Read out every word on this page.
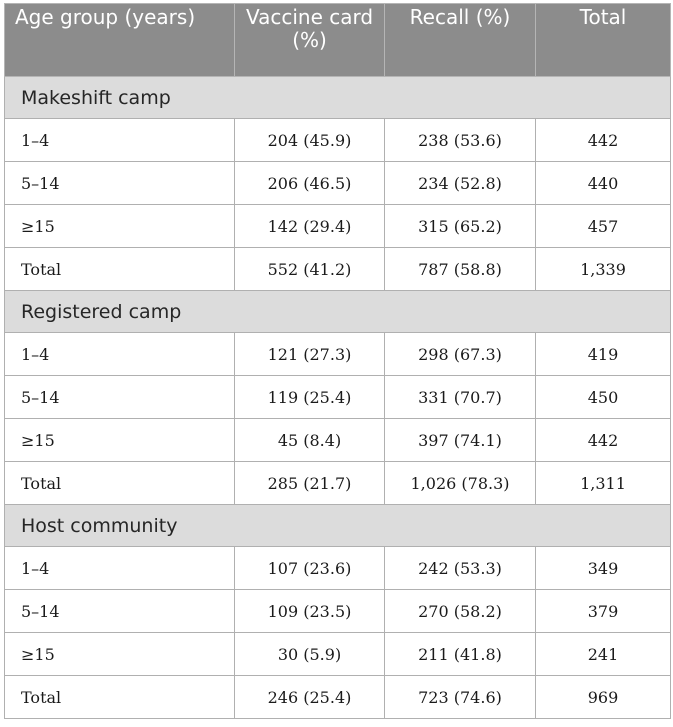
Age group (years)	Vaccine card (%)	Recall (%)	Total
Makeshift camp			
1–4	204 (45.9)	238 (53.6)	442
5–14	206 (46.5)	234 (52.8)	440
≥15	142 (29.4)	315 (65.2)	457
Total	552 (41.2)	787 (58.8)	1,339
Registered camp			
1–4	121 (27.3)	298 (67.3)	419
5–14	119 (25.4)	331 (70.7)	450
≥15	45 (8.4)	397 (74.1)	442
Total	285 (21.7)	1,026 (78.3)	1,311
Host community			
1–4	107 (23.6)	242 (53.3)	349
5–14	109 (23.5)	270 (58.2)	379
≥15	30 (5.9)	211 (41.8)	241
Total	246 (25.4)	723 (74.6)	969
